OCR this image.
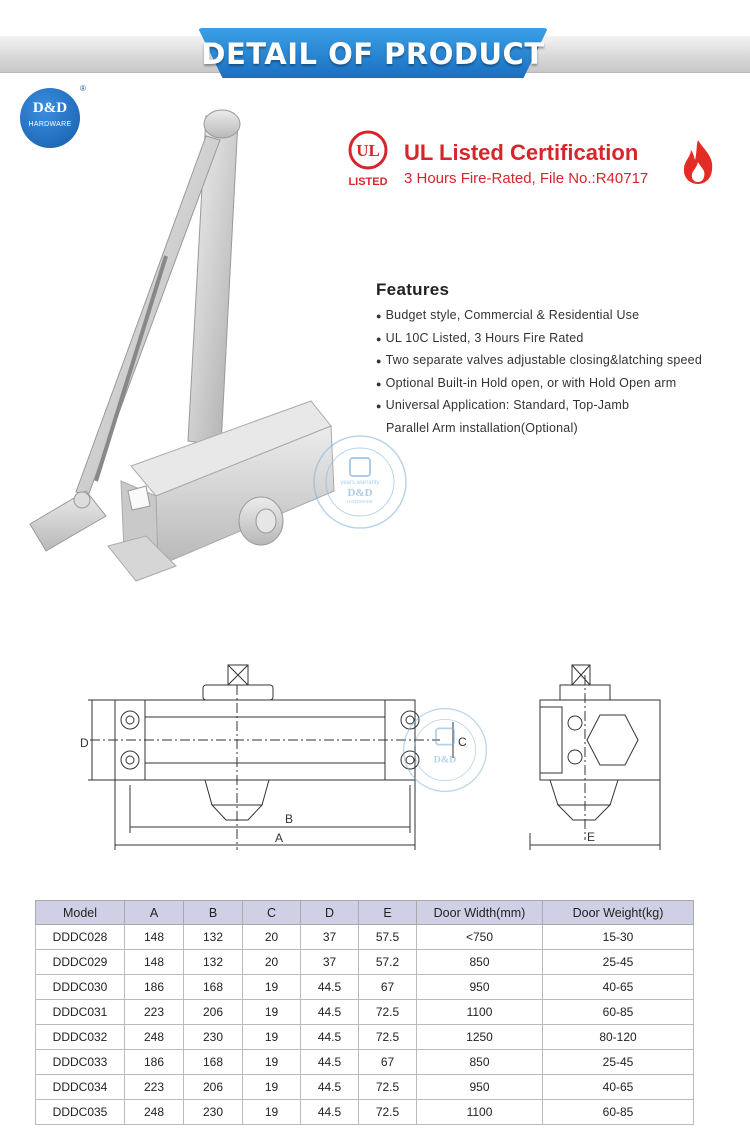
DETAIL OF PRODUCT
D&D
HARDWARE
®
UL
LISTED
UL Listed Certification
3 Hours Fire-Rated, File No.:R40717
Features
● Budget style, Commercial & Residential Use
● UL 10C Listed, 3 Hours Fire Rated
● Two separate valves adjustable closing&latching speed
● Optional Built-in Hold open, or with Hold Open arm
● Universal Application: Standard, Top-Jamb
Parallel Arm installation(Optional)
years warranty
D&D
HARDWARE
D
B
A
C
E
D&D
Model	A	B	C	D	E	Door Width(mm)	Door Weight(kg)
DDDC028	148	132	20	37	57.5	<750	15-30
DDDC029	148	132	20	37	57.2	850	25-45
DDDC030	186	168	19	44.5	67	950	40-65
DDDC031	223	206	19	44.5	72.5	1100	60-85
DDDC032	248	230	19	44.5	72.5	1250	80-120
DDDC033	186	168	19	44.5	67	850	25-45
DDDC034	223	206	19	44.5	72.5	950	40-65
DDDC035	248	230	19	44.5	72.5	1100	60-85
